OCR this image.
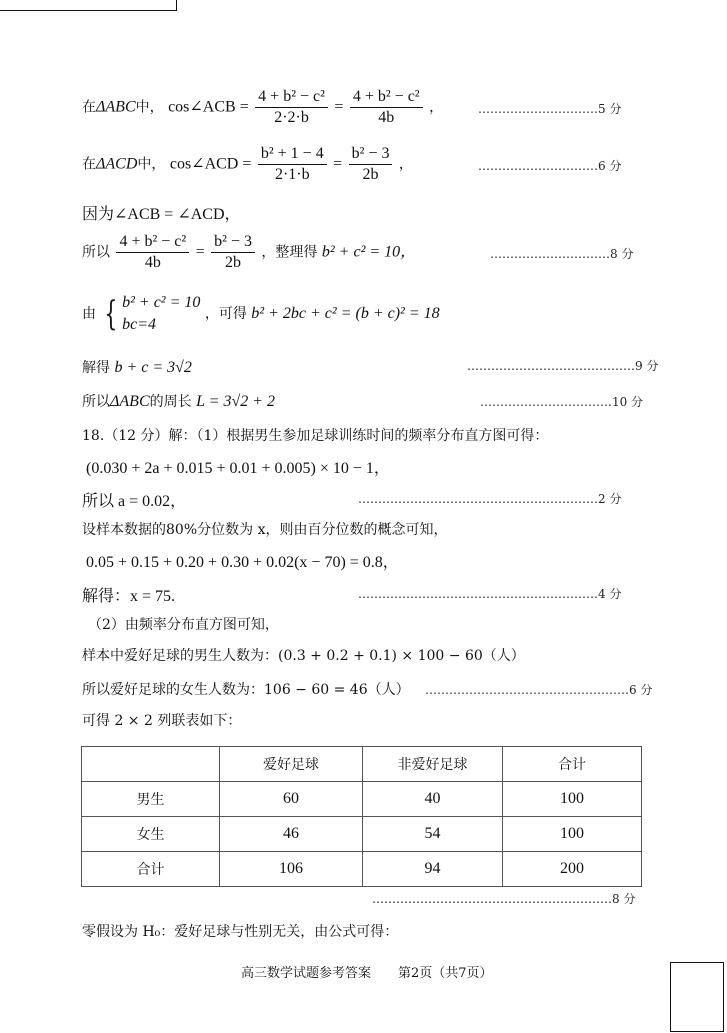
在ΔABC中， cos∠ACB = $\frac{\text{4 + b² − c²}}{2\cdot 2\cdot b} = \frac{\text{4 + b² − c²}}{4b}$ ，	…………………………5 分
在ΔACD中， cos∠ACD = $\frac{\text{b² + 1 − 4}}{2\cdot 1\cdot b} = \frac{\text{b² − 3}}{2b}$ ，	…………………………6 分
因为∠ACB = ∠ACD，
所以 $\frac{\text{4 + b² − c²}}{4b} = \frac{\text{b² − 3}}{2b}$ ，整理得 b² + c² = 10，	…………………………8 分
由 { b² + c² = 10
bc=4
，可得 b² + 2bc + c² = (b + c)² = 18
解得 b + c = 3√2	……………………………………9 分
所以ΔABC的周长 L = 3√2 + 2	……………………………10 分
18.（12 分）解：（1）根据男生参加足球训练时间的频率分布直方图可得：
(0.030 + 2a + 0.015 + 0.01 + 0.005) × 10 − 1，
所以 a = 0.02，	……………………………………………………2 分
设样本数据的80%分位数为 x，则由百分位数的概念可知，
0.05 + 0.15 + 0.20 + 0.30 + 0.02(x − 70) = 0.8，
解得：x = 75.	……………………………………………………4 分
（2）由频率分布直方图可知，
样本中爱好足球的男生人数为：(0.3 + 0.2 + 0.1) × 100 − 60（人）
所以爱好足球的女生人数为：106 − 60 = 46（人） ……………………………………………6 分
可得 2 × 2 列联表如下：
	爱好足球	非爱好足球	合计
男生	60	40	100
女生	46	54	100
合计	106	94	200
……………………………………………………8 分
零假设为 H₀：爱好足球与性别无关，由公式可得：
高三数学试题参考答案 第2页（共7页）
